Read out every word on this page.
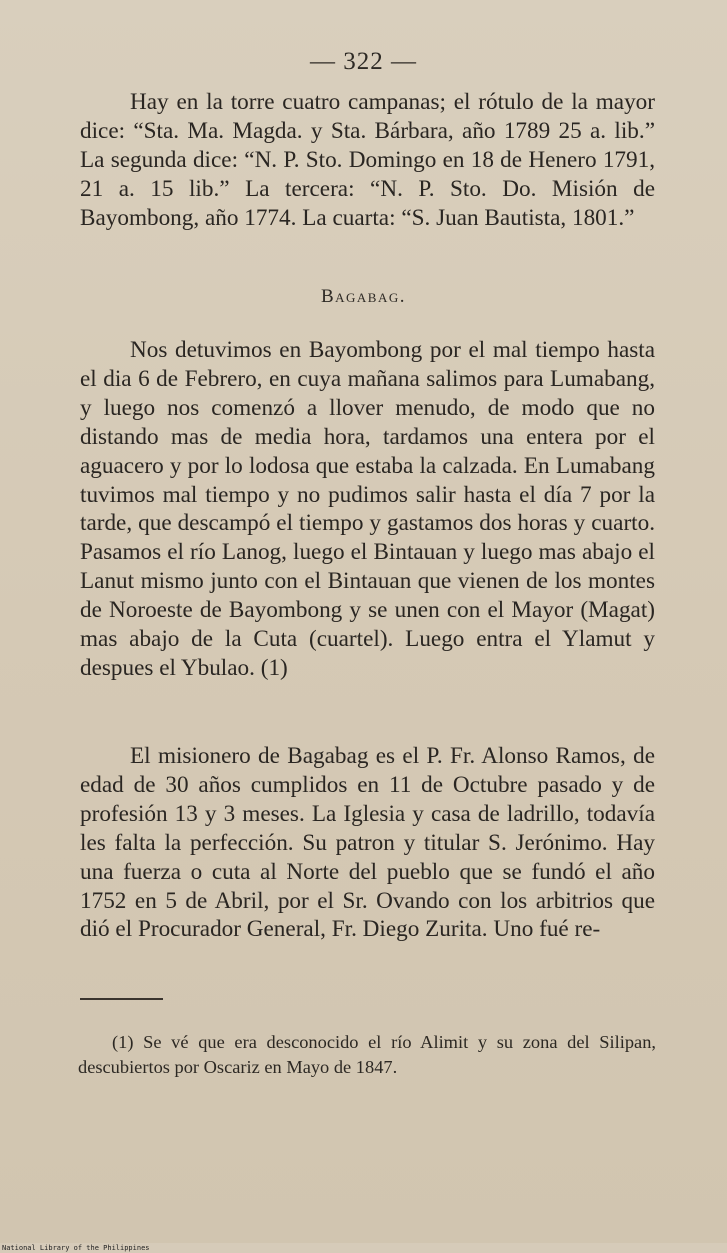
— 322 —

Hay en la torre cuatro campanas; el rótulo de la mayor dice: “Sta. Ma. Magda. y Sta. Bárbara, año 1789 25 a. lib.” La segunda dice: “N. P. Sto. Domingo en 18 de Henero 1791, 21 a. 15 lib.” La tercera: “N. P. Sto. Do. Misión de Bayombong, año 1774. La cuarta: “S. Juan Bautista, 1801.”

Bagabag.

Nos detuvimos en Bayombong por el mal tiempo hasta el dia 6 de Febrero, en cuya mañana salimos para Lumabang, y luego nos comenzó a llover menudo, de modo que no distando mas de media hora, tardamos una entera por el aguacero y por lo lodosa que estaba la calzada. En Lumabang tuvimos mal tiempo y no pudimos salir hasta el día 7 por la tarde, que descampó el tiempo y gastamos dos horas y cuarto. Pasamos el río Lanog, luego el Bintauan y luego mas abajo el Lanut mismo junto con el Bintauan que vienen de los montes de Noroeste de Bayombong y se unen con el Mayor (Magat) mas abajo de la Cuta (cuartel). Luego entra el Ylamut y despues el Ybulao. (1)

El misionero de Bagabag es el P. Fr. Alonso Ramos, de edad de 30 años cumplidos en 11 de Octubre pasado y de profesión 13 y 3 meses. La Iglesia y casa de ladrillo, todavía les falta la perfección. Su patron y titular S. Jerónimo. Hay una fuerza o cuta al Norte del pueblo que se fundó el año 1752 en 5 de Abril, por el Sr. Ovando con los arbitrios que dió el Procurador General, Fr. Diego Zurita. Uno fué re-

(1) Se vé que era desconocido el río Alimit y su zona del Silipan, descubiertos por Oscariz en Mayo de 1847.

National Library of the Philippines
